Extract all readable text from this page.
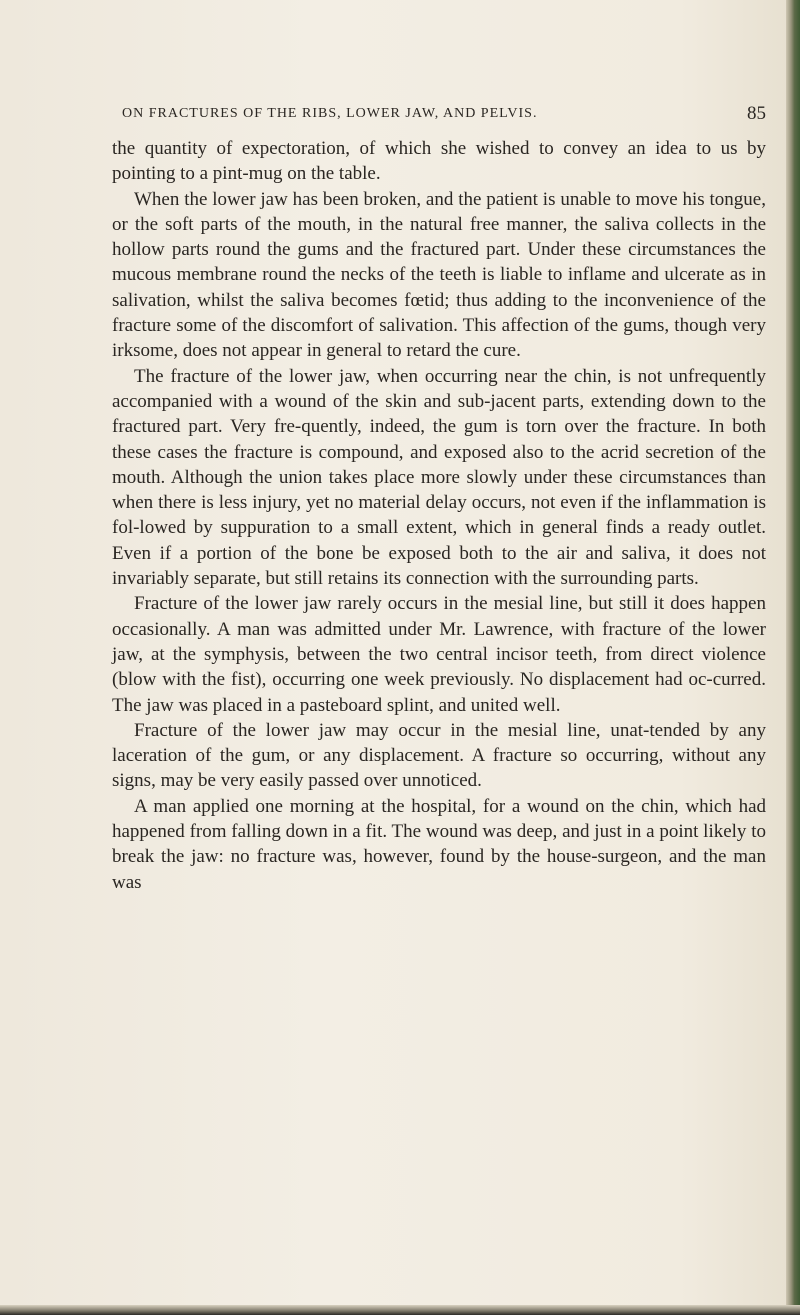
ON FRACTURES OF THE RIBS, LOWER JAW, AND PELVIS.	85

the quantity of expectoration, of which she wished to convey an idea to us by pointing to a pint-mug on the table.

When the lower jaw has been broken, and the patient is unable to move his tongue, or the soft parts of the mouth, in the natural free manner, the saliva collects in the hollow parts round the gums and the fractured part. Under these circumstances the mucous membrane round the necks of the teeth is liable to inflame and ulcerate as in salivation, whilst the saliva becomes fœtid; thus adding to the inconvenience of the fracture some of the discomfort of salivation. This affection of the gums, though very irksome, does not appear in general to retard the cure.

The fracture of the lower jaw, when occurring near the chin, is not unfrequently accompanied with a wound of the skin and sub-jacent parts, extending down to the fractured part. Very fre-quently, indeed, the gum is torn over the fracture. In both these cases the fracture is compound, and exposed also to the acrid secretion of the mouth. Although the union takes place more slowly under these circumstances than when there is less injury, yet no material delay occurs, not even if the inflammation is fol-lowed by suppuration to a small extent, which in general finds a ready outlet. Even if a portion of the bone be exposed both to the air and saliva, it does not invariably separate, but still retains its connection with the surrounding parts.

Fracture of the lower jaw rarely occurs in the mesial line, but still it does happen occasionally. A man was admitted under Mr. Lawrence, with fracture of the lower jaw, at the symphysis, between the two central incisor teeth, from direct violence (blow with the fist), occurring one week previously. No displacement had oc-curred. The jaw was placed in a pasteboard splint, and united well.

Fracture of the lower jaw may occur in the mesial line, unat-tended by any laceration of the gum, or any displacement. A fracture so occurring, without any signs, may be very easily passed over unnoticed.

A man applied one morning at the hospital, for a wound on the chin, which had happened from falling down in a fit. The wound was deep, and just in a point likely to break the jaw: no fracture was, however, found by the house-surgeon, and the man was
